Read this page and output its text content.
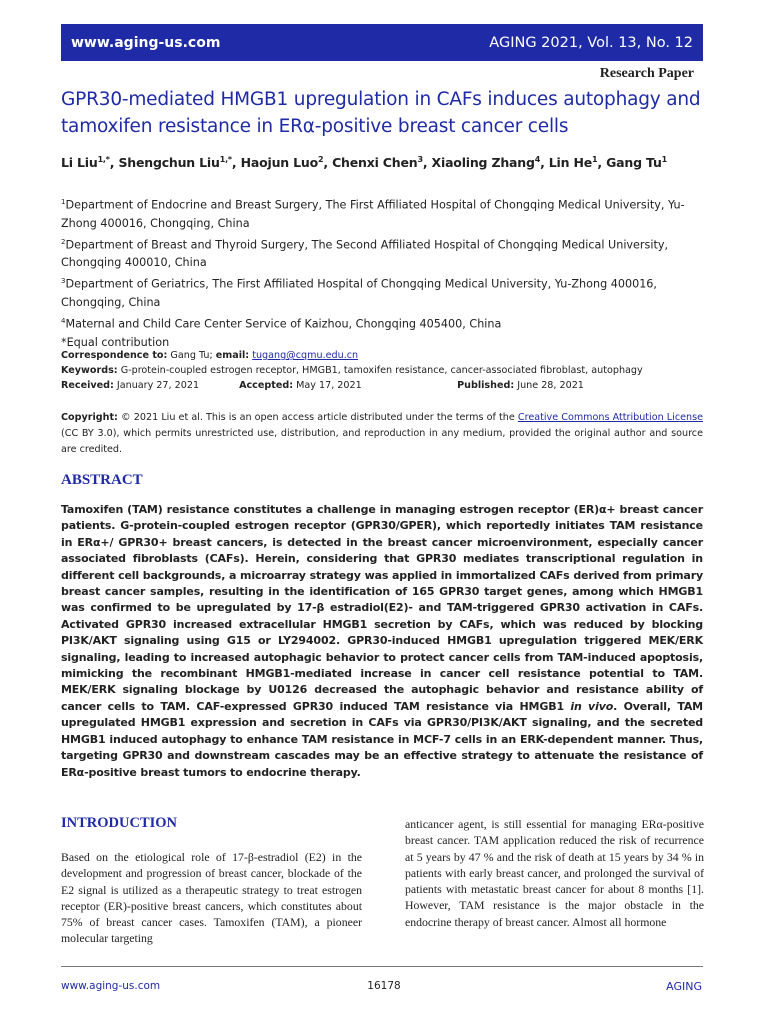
www.aging-us.com	AGING 2021, Vol. 13, No. 12
Research Paper
GPR30-mediated HMGB1 upregulation in CAFs induces autophagy and tamoxifen resistance in ERα-positive breast cancer cells
Li Liu$^{1,*}$, Shengchun Liu$^{1,*}$, Haojun Luo$^2$, Chenxi Chen$^3$, Xiaoling Zhang$^4$, Lin He$^1$, Gang Tu$^1$
$^1$Department of Endocrine and Breast Surgery, The First Affiliated Hospital of Chongqing Medical University, Yu-Zhong 400016, Chongqing, China
$^2$Department of Breast and Thyroid Surgery, The Second Affiliated Hospital of Chongqing Medical University, Chongqing 400010, China
$^3$Department of Geriatrics, The First Affiliated Hospital of Chongqing Medical University, Yu-Zhong 400016, Chongqing, China
$^4$Maternal and Child Care Center Service of Kaizhou, Chongqing 405400, China
*Equal contribution
Correspondence to: Gang Tu; email: tugang@cqmu.edu.cn
Keywords: G-protein-coupled estrogen receptor, HMGB1, tamoxifen resistance, cancer-associated fibroblast, autophagy
Received: January 27, 2021	Accepted: May 17, 2021	Published: June 28, 2021
Copyright: © 2021 Liu et al. This is an open access article distributed under the terms of the Creative Commons Attribution License (CC BY 3.0), which permits unrestricted use, distribution, and reproduction in any medium, provided the original author and source are credited.
ABSTRACT
Tamoxifen (TAM) resistance constitutes a challenge in managing estrogen receptor (ER)α+ breast cancer patients. G-protein-coupled estrogen receptor (GPR30/GPER), which reportedly initiates TAM resistance in ERα+/ GPR30+ breast cancers, is detected in the breast cancer microenvironment, especially cancer associated fibroblasts (CAFs). Herein, considering that GPR30 mediates transcriptional regulation in different cell backgrounds, a microarray strategy was applied in immortalized CAFs derived from primary breast cancer samples, resulting in the identification of 165 GPR30 target genes, among which HMGB1 was confirmed to be upregulated by 17-β estradiol(E2)- and TAM-triggered GPR30 activation in CAFs. Activated GPR30 increased extracellular HMGB1 secretion by CAFs, which was reduced by blocking PI3K/AKT signaling using G15 or LY294002. GPR30-induced HMGB1 upregulation triggered MEK/ERK signaling, leading to increased autophagic behavior to protect cancer cells from TAM-induced apoptosis, mimicking the recombinant HMGB1-mediated increase in cancer cell resistance potential to TAM. MEK/ERK signaling blockage by U0126 decreased the autophagic behavior and resistance ability of cancer cells to TAM. CAF-expressed GPR30 induced TAM resistance via HMGB1 in vivo. Overall, TAM upregulated HMGB1 expression and secretion in CAFs via GPR30/PI3K/AKT signaling, and the secreted HMGB1 induced autophagy to enhance TAM resistance in MCF-7 cells in an ERK-dependent manner. Thus, targeting GPR30 and downstream cascades may be an effective strategy to attenuate the resistance of ERα-positive breast tumors to endocrine therapy.
INTRODUCTION
Based on the etiological role of 17-β-estradiol (E2) in the development and progression of breast cancer, blockade of the E2 signal is utilized as a therapeutic strategy to treat estrogen receptor (ER)-positive breast cancers, which constitutes about 75% of breast cancer cases. Tamoxifen (TAM), a pioneer molecular targeting
anticancer agent, is still essential for managing ERα-positive breast cancer. TAM application reduced the risk of recurrence at 5 years by 47 % and the risk of death at 15 years by 34 % in patients with early breast cancer, and prolonged the survival of patients with metastatic breast cancer for about 8 months [1]. However, TAM resistance is the major obstacle in the endocrine therapy of breast cancer. Almost all hormone
www.aging-us.com	16178	AGING
